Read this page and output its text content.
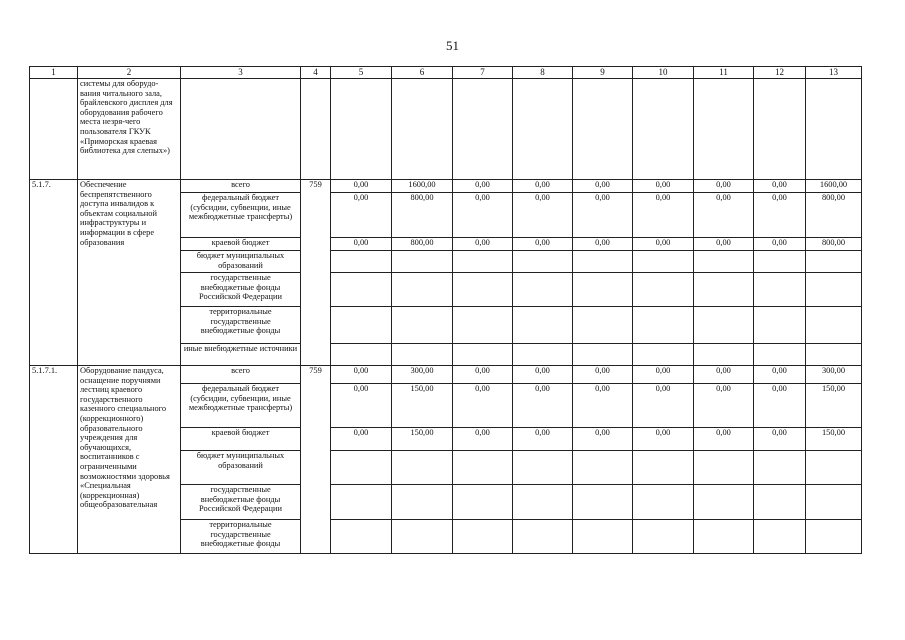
51
1	2	3	4	5	6	7	8	9	10	11	12	13
	системы для оборудо-вания читального зала, брайлевского дисплея для оборудования рабочего места незря-чего пользователя ГКУК «Приморская краевая библиотека для слепых»)											
5.1.7.	Обеспечение беспрепятственного доступа инвалидов к объектам социальной инфраструктуры и информации в сфере образования	всего	759	0,00	1600,00	0,00	0,00	0,00	0,00	0,00	0,00	1600,00
		федеральный бюджет (субсидии, субвенции, иные межбюджетные трансферты)		0,00	800,00	0,00	0,00	0,00	0,00	0,00	0,00	800,00
		краевой бюджет		0,00	800,00	0,00	0,00	0,00	0,00	0,00	0,00	800,00
		бюджет муниципальных образований										
		государственные внебюджетные фонды Российской Федерации										
		территориальные государственные внебюджетные фонды										
		иные внебюджетные источники										
5.1.7.1.	Оборудование пандуса, оснащение поручнями лестниц краевого государственного казенного специального (коррекционного) образовательного учреждения для обучающихся, воспитанников с ограниченными возможностями здоровья «Специальная (коррекционная) общеобразовательная	всего	759	0,00	300,00	0,00	0,00	0,00	0,00	0,00	0,00	300,00
		федеральный бюджет (субсидии, субвенции, иные межбюджетные трансферты)		0,00	150,00	0,00	0,00	0,00	0,00	0,00	0,00	150,00
		краевой бюджет		0,00	150,00	0,00	0,00	0,00	0,00	0,00	0,00	150,00
		бюджет муниципальных образований										
		государственные внебюджетные фонды Российской Федерации										
		территориальные государственные внебюджетные фонды										
